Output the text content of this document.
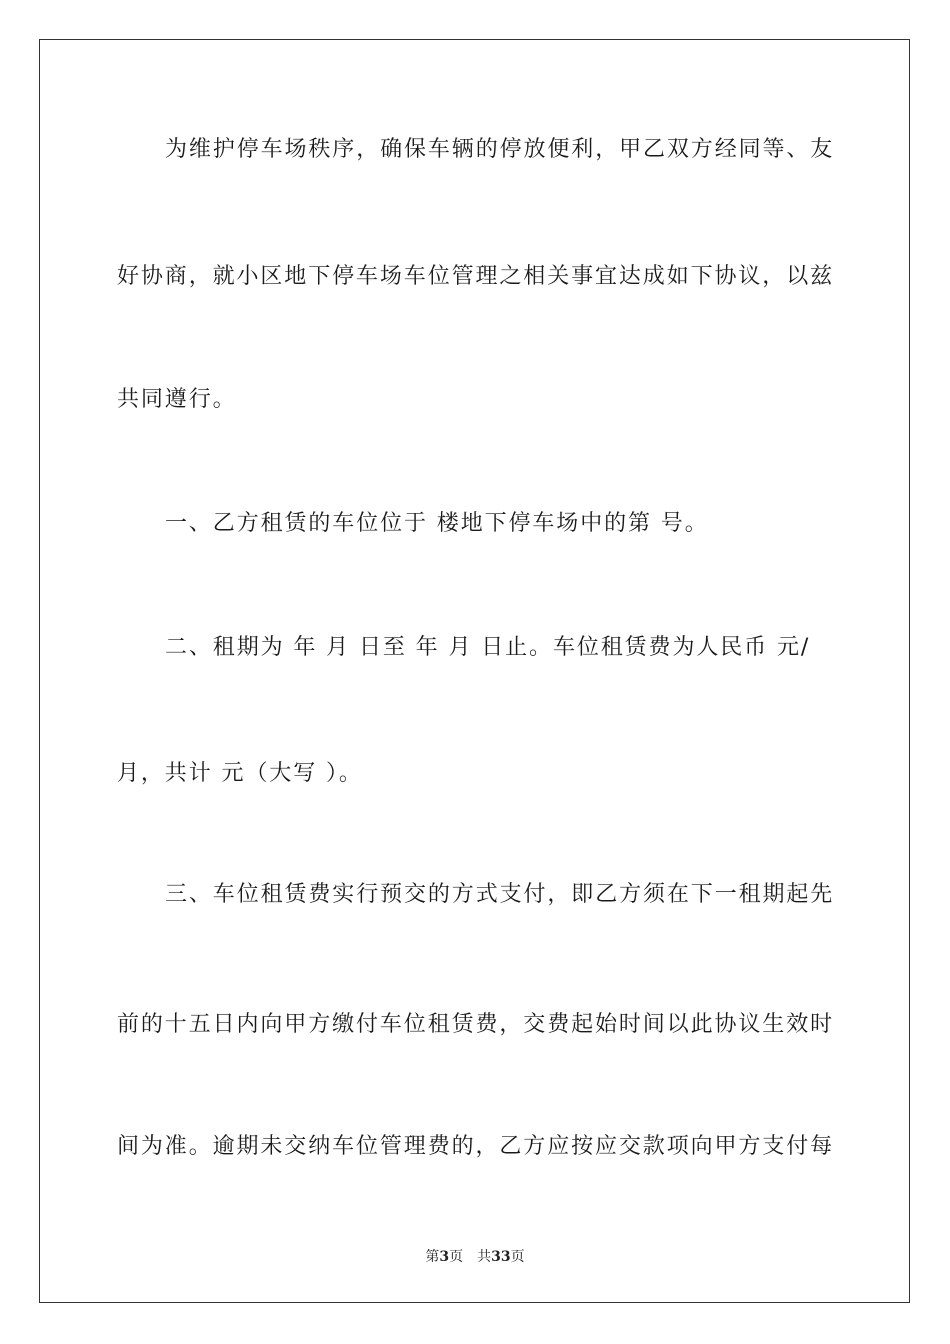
为维护停车场秩序，确保车辆的停放便利，甲乙双方经同等、友
好协商，就小区地下停车场车位管理之相关事宜达成如下协议，以兹
共同遵行。
一、乙方租赁的车位位于 楼地下停车场中的第 号。
二、租期为 年 月 日至 年 月 日止。车位租赁费为人民币 元/
月，共计 元（大写 ）。
三、车位租赁费实行预交的方式支付，即乙方须在下一租期起先
前的十五日内向甲方缴付车位租赁费，交费起始时间以此协议生效时
间为准。逾期未交纳车位管理费的，乙方应按应交款项向甲方支付每
第3页 共33页
